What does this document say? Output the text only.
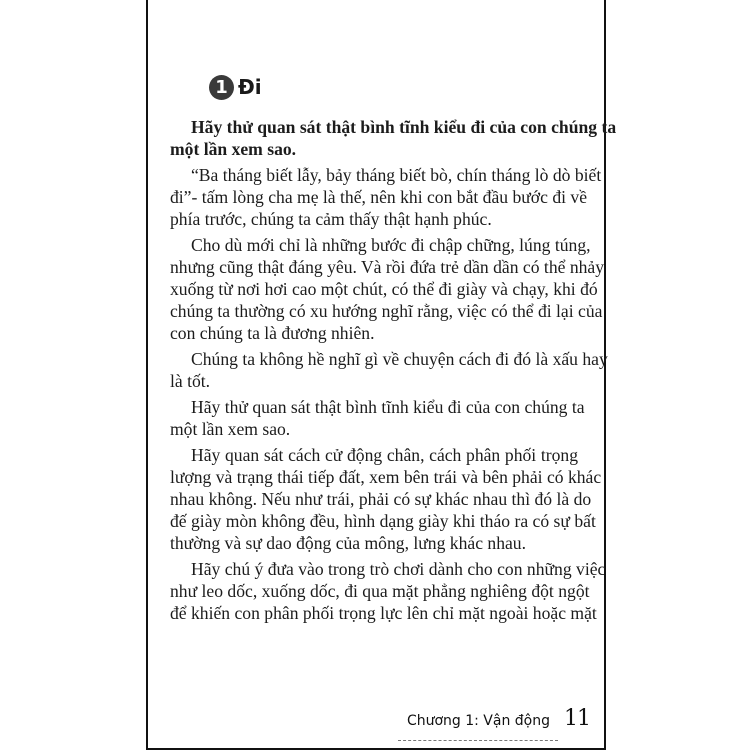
1 Đi
Hãy thử quan sát thật bình tĩnh kiểu đi của con chúng ta
một lần xem sao.
“Ba tháng biết lẫy, bảy tháng biết bò, chín tháng lò dò biết
đi”- tấm lòng cha mẹ là thế, nên khi con bắt đầu bước đi về
phía trước, chúng ta cảm thấy thật hạnh phúc.
Cho dù mới chỉ là những bước đi chập chững, lúng túng,
nhưng cũng thật đáng yêu. Và rồi đứa trẻ dần dần có thể nhảy
xuống từ nơi hơi cao một chút, có thể đi giày và chạy, khi đó
chúng ta thường có xu hướng nghĩ rằng, việc có thể đi lại của
con chúng ta là đương nhiên.
Chúng ta không hề nghĩ gì về chuyện cách đi đó là xấu hay
là tốt.
Hãy thử quan sát thật bình tĩnh kiểu đi của con chúng ta
một lần xem sao.
Hãy quan sát cách cử động chân, cách phân phối trọng
lượng và trạng thái tiếp đất, xem bên trái và bên phải có khác
nhau không. Nếu như trái, phải có sự khác nhau thì đó là do
đế giày mòn không đều, hình dạng giày khi tháo ra có sự bất
thường và sự dao động của mông, lưng khác nhau.
Hãy chú ý đưa vào trong trò chơi dành cho con những việc
như leo dốc, xuống dốc, đi qua mặt phẳng nghiêng đột ngột
để khiến con phân phối trọng lực lên chỉ mặt ngoài hoặc mặt
Chương 1: Vận động 11
